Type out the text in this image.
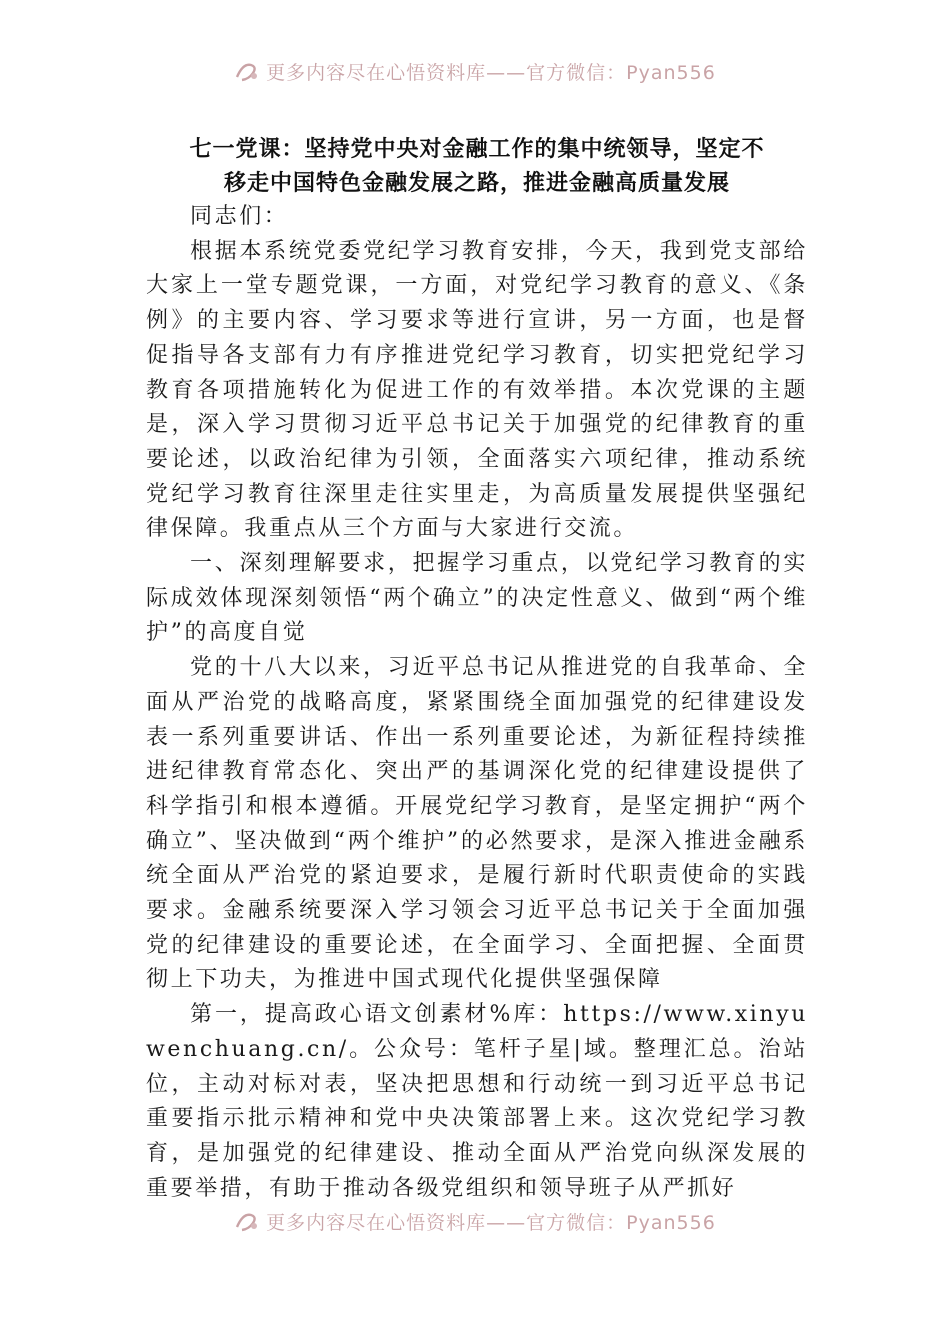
更多内容尽在心悟资料库——官方微信：Pyan556
七一党课：坚持党中央对金融工作的集中统领导，坚定不
移走中国特色金融发展之路，推进金融高质量发展

同志们：

根据本系统党委党纪学习教育安排，今天，我到党支部给大家上一堂专题党课，一方面，对党纪学习教育的意义、《条例》的主要内容、学习要求等进行宣讲，另一方面，也是督促指导各支部有力有序推进党纪学习教育，切实把党纪学习教育各项措施转化为促进工作的有效举措。本次党课的主题是，深入学习贯彻习近平总书记关于加强党的纪律教育的重要论述，以政治纪律为引领，全面落实六项纪律，推动系统党纪学习教育往深里走往实里走，为高质量发展提供坚强纪律保障。我重点从三个方面与大家进行交流。

一、深刻理解要求，把握学习重点，以党纪学习教育的实际成效体现深刻领悟“两个确立”的决定性意义、做到“两个维护”的高度自觉

党的十八大以来，习近平总书记从推进党的自我革命、全面从严治党的战略高度，紧紧围绕全面加强党的纪律建设发表一系列重要讲话、作出一系列重要论述，为新征程持续推进纪律教育常态化、突出严的基调深化党的纪律建设提供了科学指引和根本遵循。开展党纪学习教育，是坚定拥护“两个确立”、坚决做到“两个维护”的必然要求，是深入推进金融系统全面从严治党的紧迫要求，是履行新时代职责使命的实践要求。金融系统要深入学习领会习近平总书记关于全面加强党的纪律建设的重要论述，在全面学习、全面把握、全面贯彻上下功夫，为推进中国式现代化提供坚强保障

第一，提高政心语文创素材%库：https://www.xinyuwenchuang.cn/。公众号：笔杆子星|域。整理汇总。治站位，主动对标对表，坚决把思想和行动统一到习近平总书记重要指示批示精神和党中央决策部署上来。这次党纪学习教育，是加强党的纪律建设、推动全面从严治党向纵深发展的重要举措，有助于推动各级党组织和领导班子从严抓好

更多内容尽在心悟资料库——官方微信：Pyan556
